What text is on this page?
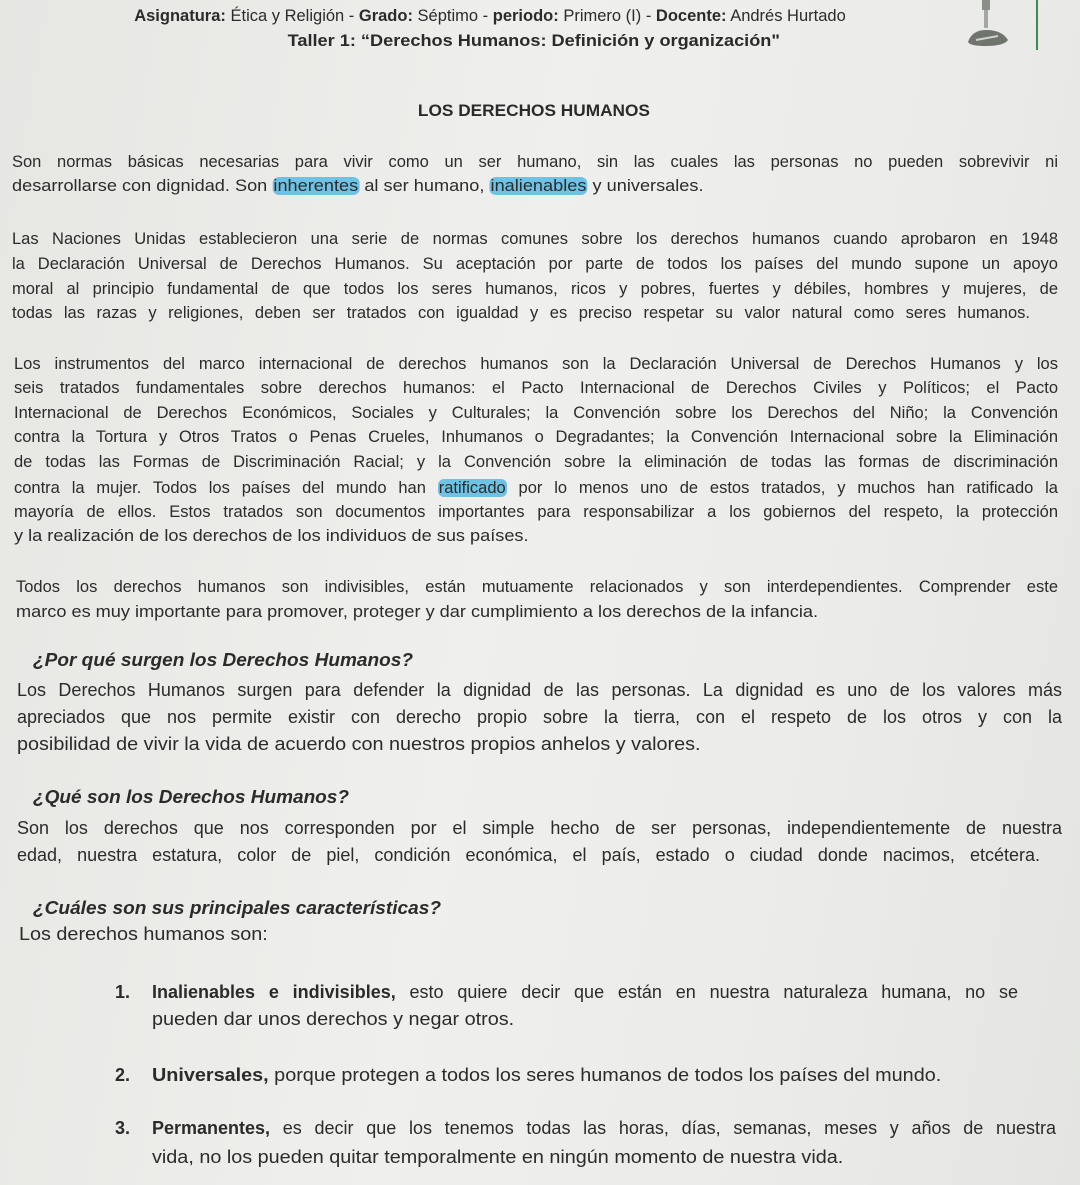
Asignatura: Ética y Religión - Grado: Séptimo - periodo: Primero (I) - Docente: Andrés Hurtado
Taller 1: “Derechos Humanos: Definición y organización"
LOS DERECHOS HUMANOS
Son normas básicas necesarias para vivir como un ser humano, sin las cuales las personas no pueden sobrevivir ni
desarrollarse con dignidad. Son inherentes al ser humano, inalienables y universales.
Las Naciones Unidas establecieron una serie de normas comunes sobre los derechos humanos cuando aprobaron en 1948
la Declaración Universal de Derechos Humanos. Su aceptación por parte de todos los países del mundo supone un apoyo
moral al principio fundamental de que todos los seres humanos, ricos y pobres, fuertes y débiles, hombres y mujeres, de
todas las razas y religiones, deben ser tratados con igualdad y es preciso respetar su valor natural como seres humanos.
Los instrumentos del marco internacional de derechos humanos son la Declaración Universal de Derechos Humanos y los
seis tratados fundamentales sobre derechos humanos: el Pacto Internacional de Derechos Civiles y Políticos; el Pacto
Internacional de Derechos Económicos, Sociales y Culturales; la Convención sobre los Derechos del Niño; la Convención
contra la Tortura y Otros Tratos o Penas Crueles, Inhumanos o Degradantes; la Convención Internacional sobre la Eliminación
de todas las Formas de Discriminación Racial; y la Convención sobre la eliminación de todas las formas de discriminación
contra la mujer. Todos los países del mundo han ratificado por lo menos uno de estos tratados, y muchos han ratificado la
mayoría de ellos. Estos tratados son documentos importantes para responsabilizar a los gobiernos del respeto, la protección
y la realización de los derechos de los individuos de sus países.
Todos los derechos humanos son indivisibles, están mutuamente relacionados y son interdependientes. Comprender este
marco es muy importante para promover, proteger y dar cumplimiento a los derechos de la infancia.
¿Por qué surgen los Derechos Humanos?
Los Derechos Humanos surgen para defender la dignidad de las personas. La dignidad es uno de los valores más
apreciados que nos permite existir con derecho propio sobre la tierra, con el respeto de los otros y con la
posibilidad de vivir la vida de acuerdo con nuestros propios anhelos y valores.
¿Qué son los Derechos Humanos?
Son los derechos que nos corresponden por el simple hecho de ser personas, independientemente de nuestra
edad, nuestra estatura, color de piel, condición económica, el país, estado o ciudad donde nacimos, etcétera.
¿Cuáles son sus principales características?
Los derechos humanos son:
1.	Inalienables e indivisibles, esto quiere decir que están en nuestra naturaleza humana, no se
pueden dar unos derechos y negar otros.
2.	Universales, porque protegen a todos los seres humanos de todos los países del mundo.
3.	Permanentes, es decir que los tenemos todas las horas, días, semanas, meses y años de nuestra
vida, no los pueden quitar temporalmente en ningún momento de nuestra vida.
